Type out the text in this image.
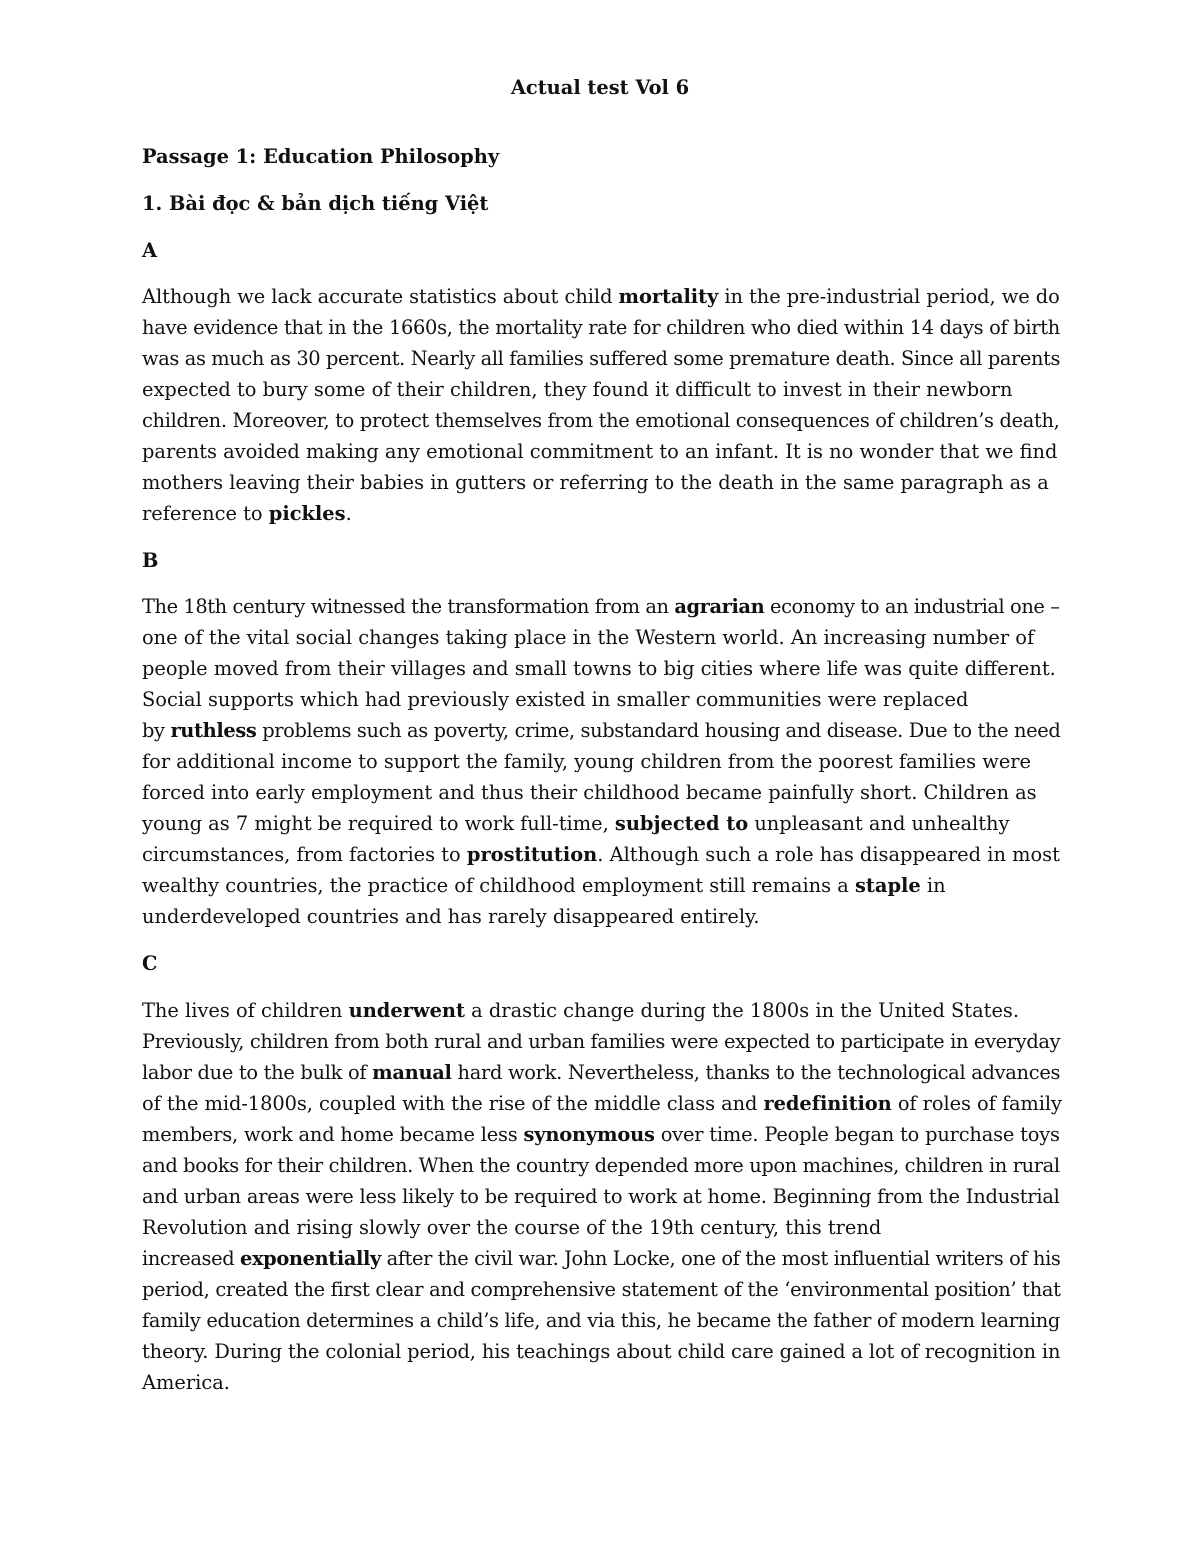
Actual test Vol 6
Passage 1: Education Philosophy
1. Bài đọc & bản dịch tiếng Việt
A
Although we lack accurate statistics about child mortality in the pre-industrial period, we do
have evidence that in the 1660s, the mortality rate for children who died within 14 days of birth
was as much as 30 percent. Nearly all families suffered some premature death. Since all parents
expected to bury some of their children, they found it difficult to invest in their newborn
children. Moreover, to protect themselves from the emotional consequences of children’s death,
parents avoided making any emotional commitment to an infant. It is no wonder that we find
mothers leaving their babies in gutters or referring to the death in the same paragraph as a
reference to pickles.
B
The 18th century witnessed the transformation from an agrarian economy to an industrial one –
one of the vital social changes taking place in the Western world. An increasing number of
people moved from their villages and small towns to big cities where life was quite different.
Social supports which had previously existed in smaller communities were replaced
by ruthless problems such as poverty, crime, substandard housing and disease. Due to the need
for additional income to support the family, young children from the poorest families were
forced into early employment and thus their childhood became painfully short. Children as
young as 7 might be required to work full-time, subjected to unpleasant and unhealthy
circumstances, from factories to prostitution. Although such a role has disappeared in most
wealthy countries, the practice of childhood employment still remains a staple in
underdeveloped countries and has rarely disappeared entirely.
C
The lives of children underwent a drastic change during the 1800s in the United States.
Previously, children from both rural and urban families were expected to participate in everyday
labor due to the bulk of manual hard work. Nevertheless, thanks to the technological advances
of the mid-1800s, coupled with the rise of the middle class and redefinition of roles of family
members, work and home became less synonymous over time. People began to purchase toys
and books for their children. When the country depended more upon machines, children in rural
and urban areas were less likely to be required to work at home. Beginning from the Industrial
Revolution and rising slowly over the course of the 19th century, this trend
increased exponentially after the civil war. John Locke, one of the most influential writers of his
period, created the first clear and comprehensive statement of the ‘environmental position’ that
family education determines a child’s life, and via this, he became the father of modern learning
theory. During the colonial period, his teachings about child care gained a lot of recognition in
America.
